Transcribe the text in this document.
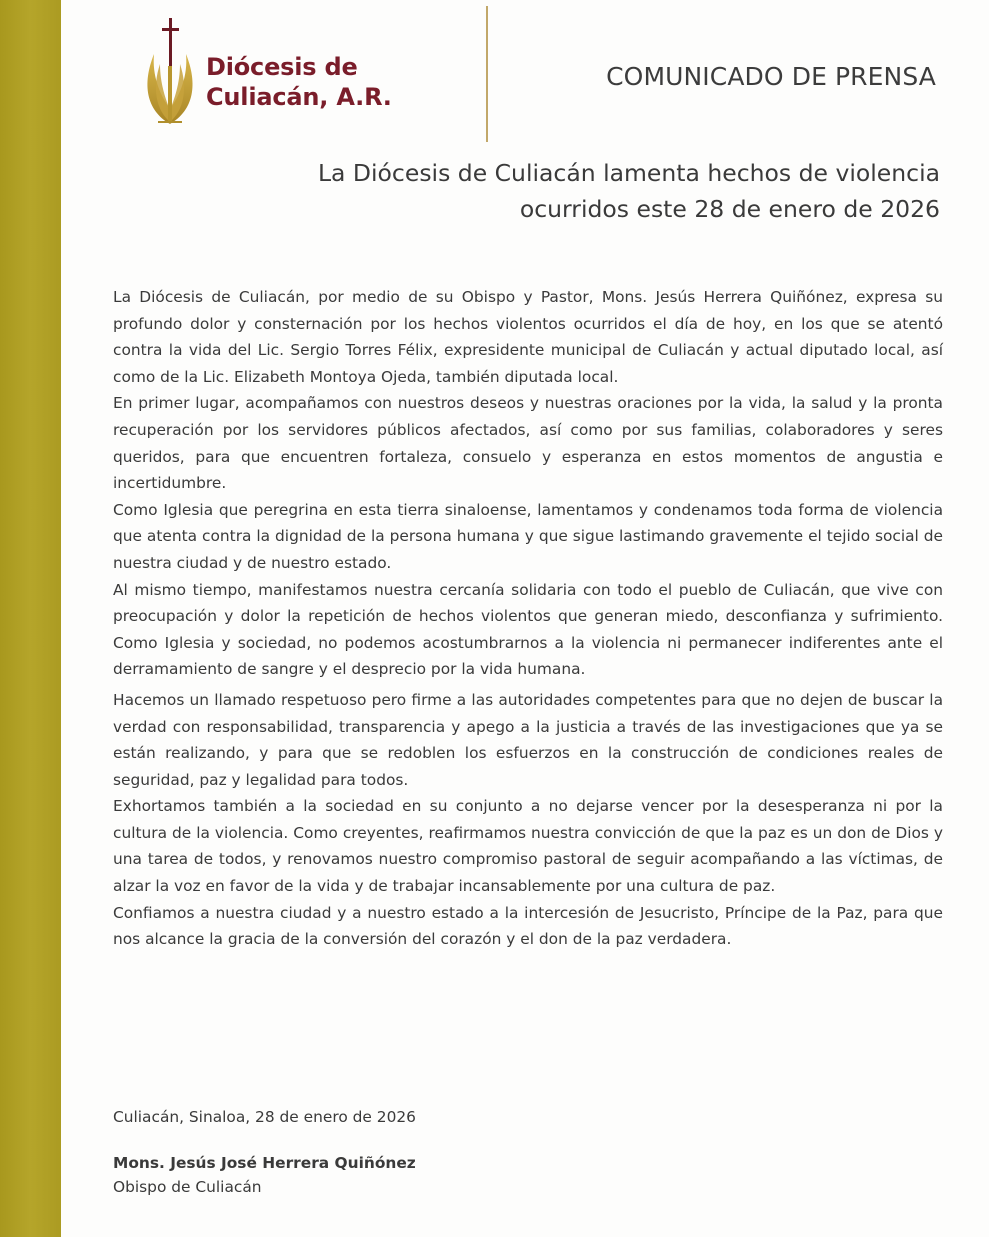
Diócesis de
Culiacán, A.R.
COMUNICADO DE PRENSA
La Diócesis de Culiacán lamenta hechos de violencia
ocurridos este 28 de enero de 2026

La Diócesis de Culiacán, por medio de su Obispo y Pastor, Mons. Jesús Herrera Quiñónez, expresa su profundo dolor y consternación por los hechos violentos ocurridos el día de hoy, en los que se atentó contra la vida del Lic. Sergio Torres Félix, expresidente municipal de Culiacán y actual diputado local, así como de la Lic. Elizabeth Montoya Ojeda, también diputada local.

En primer lugar, acompañamos con nuestros deseos y nuestras oraciones por la vida, la salud y la pronta recuperación por los servidores públicos afectados, así como por sus familias, colaboradores y seres queridos, para que encuentren fortaleza, consuelo y esperanza en estos momentos de angustia e incertidumbre.

Como Iglesia que peregrina en esta tierra sinaloense, lamentamos y condenamos toda forma de violencia que atenta contra la dignidad de la persona humana y que sigue lastimando gravemente el tejido social de nuestra ciudad y de nuestro estado.

Al mismo tiempo, manifestamos nuestra cercanía solidaria con todo el pueblo de Culiacán, que vive con preocupación y dolor la repetición de hechos violentos que generan miedo, desconfianza y sufrimiento. Como Iglesia y sociedad, no podemos acostumbrarnos a la violencia ni permanecer indiferentes ante el derramamiento de sangre y el desprecio por la vida humana.

Hacemos un llamado respetuoso pero firme a las autoridades competentes para que no dejen de buscar la verdad con responsabilidad, transparencia y apego a la justicia a través de las investigaciones que ya se están realizando, y para que se redoblen los esfuerzos en la construcción de condiciones reales de seguridad, paz y legalidad para todos.

Exhortamos también a la sociedad en su conjunto a no dejarse vencer por la desesperanza ni por la cultura de la violencia. Como creyentes, reafirmamos nuestra convicción de que la paz es un don de Dios y una tarea de todos, y renovamos nuestro compromiso pastoral de seguir acompañando a las víctimas, de alzar la voz en favor de la vida y de trabajar incansablemente por una cultura de paz.

Confiamos a nuestra ciudad y a nuestro estado a la intercesión de Jesucristo, Príncipe de la Paz, para que nos alcance la gracia de la conversión del corazón y el don de la paz verdadera.

Culiacán, Sinaloa, 28 de enero de 2026
Mons. Jesús José Herrera Quiñónez
Obispo de Culiacán
